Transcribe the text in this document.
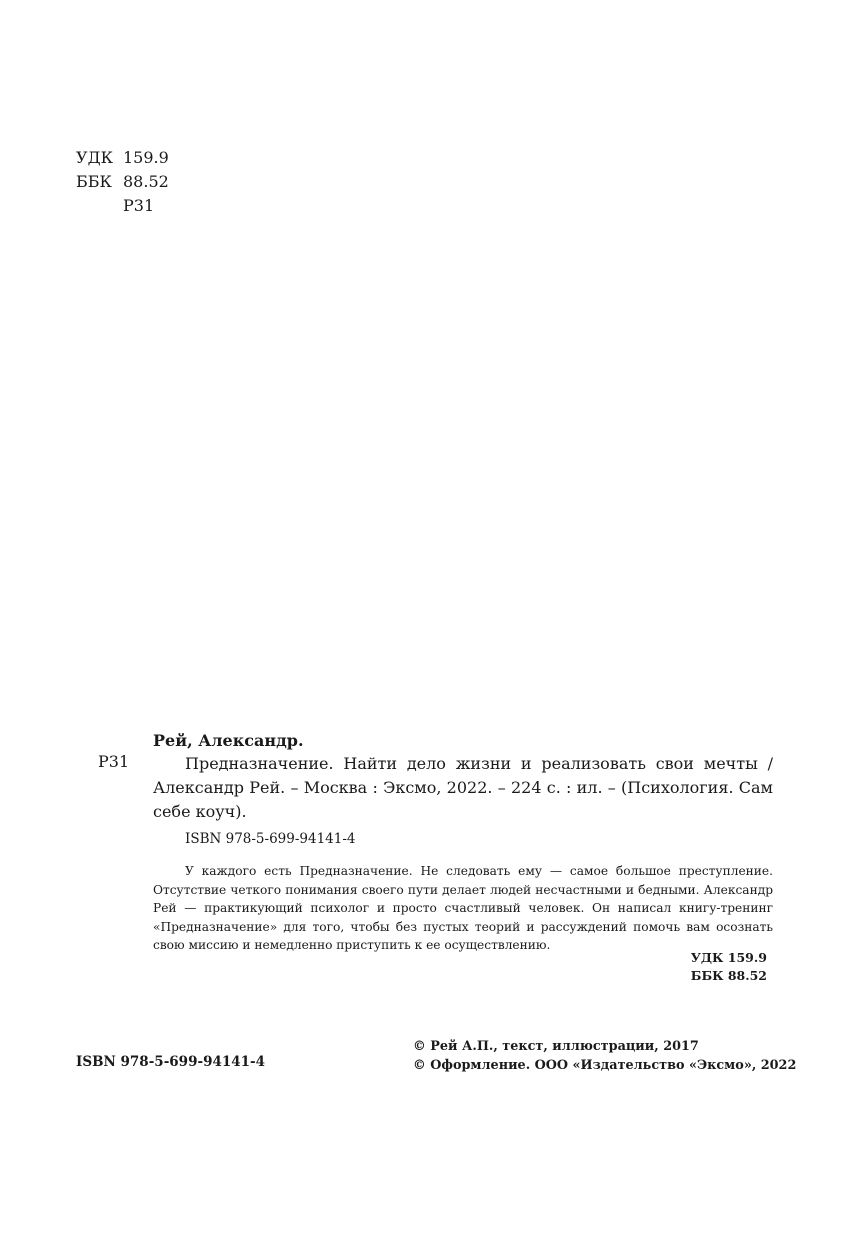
УДК 159.9
ББК 88.52
Р31
Рей, Александр.
Р31	Предназначение. Найти дело жизни и реализовать свои мечты / Александр Рей. – Москва : Эксмо, 2022. – 224 с. : ил. – (Психология. Сам себе коуч).
ISBN 978-5-699-94141-4
У каждого есть Предназначение. Не следовать ему — самое большое преступление. Отсутствие четкого понимания своего пути делает людей несчастными и бедными. Александр Рей — практикующий психолог и просто счастливый человек. Он написал книгу-тренинг «Предназначение» для того, чтобы без пустых теорий и рассуждений помочь вам осознать свою миссию и немедленно приступить к ее осуществлению.
УДК 159.9
ББК 88.52
ISBN 978-5-699-94141-4
© Рей А.П., текст, иллюстрации, 2017
© Оформление. ООО «Издательство «Эксмо», 2022
